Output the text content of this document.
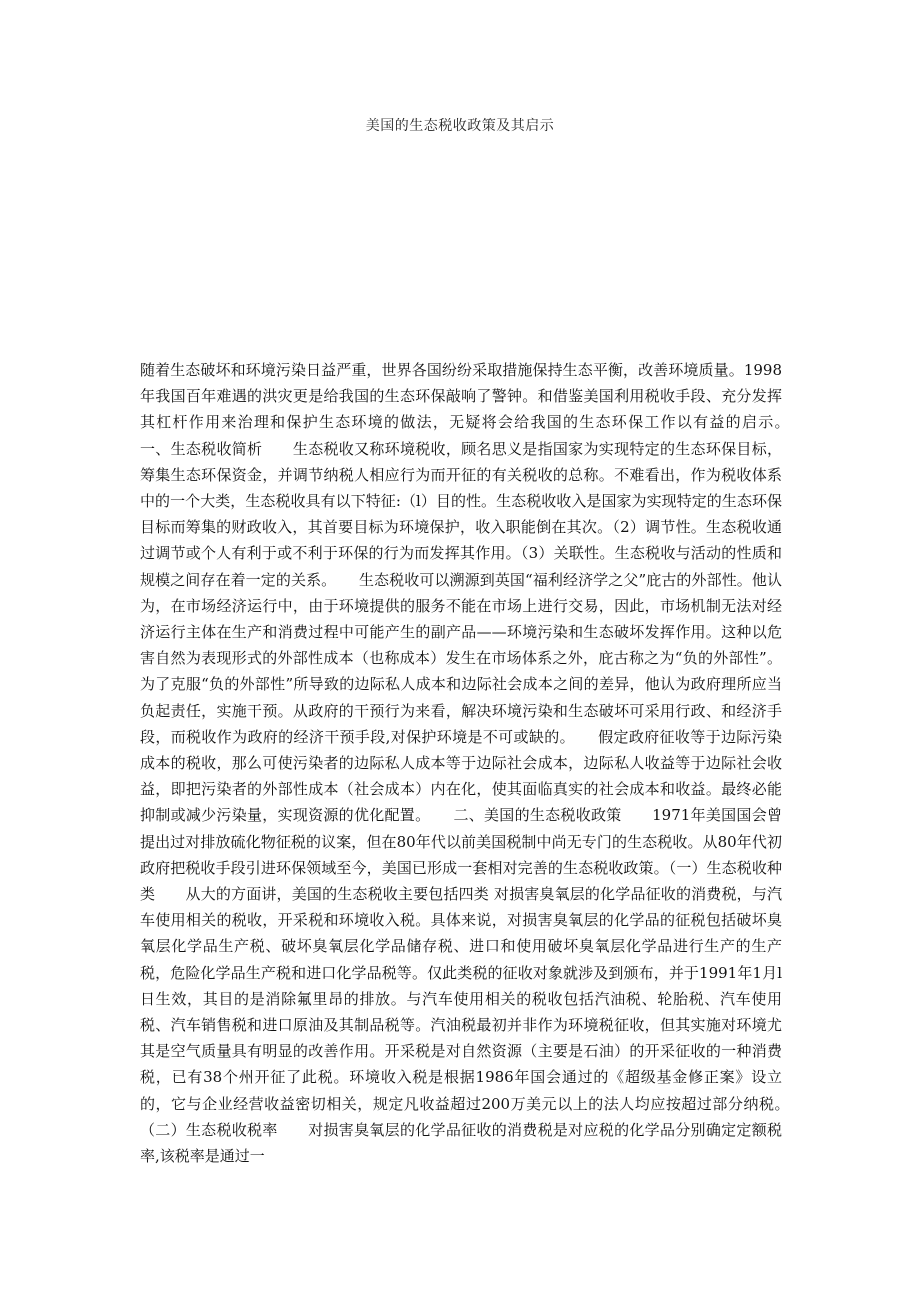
美国的生态税收政策及其启示

随着生态破坏和环境污染日益严重，世界各国纷纷采取措施保持生态平衡，改善环境质量。1998年我国百年难遇的洪灾更是给我国的生态环保敲响了警钟。和借鉴美国利用税收手段、充分发挥其杠杆作用来治理和保护生态环境的做法，无疑将会给我国的生态环保工作以有益的启示。　　一、生态税收简析　　生态税收又称环境税收，顾名思义是指国家为实现特定的生态环保目标，筹集生态环保资金，并调节纳税人相应行为而开征的有关税收的总称。不难看出，作为税收体系中的一个大类，生态税收具有以下特征:（l）目的性。生态税收收入是国家为实现特定的生态环保目标而筹集的财政收入，其首要目标为环境保护，收入职能倒在其次。（2）调节性。生态税收通过调节或个人有利于或不利于环保的行为而发挥其作用。（3）关联性。生态税收与活动的性质和规模之间存在着一定的关系。　　生态税收可以溯源到英国“福利经济学之父”庇古的外部性。他认为，在市场经济运行中，由于环境提供的服务不能在市场上进行交易，因此，市场机制无法对经济运行主体在生产和消费过程中可能产生的副产品——环境污染和生态破坏发挥作用。这种以危害自然为表现形式的外部性成本（也称成本）发生在市场体系之外，庇古称之为“负的外部性”。为了克服“负的外部性”所导致的边际私人成本和边际社会成本之间的差异，他认为政府理所应当负起责任，实施干预。从政府的干预行为来看，解决环境污染和生态破坏可采用行政、和经济手段，而税收作为政府的经济干预手段,对保护环境是不可或缺的。　　假定政府征收等于边际污染成本的税收，那么可使污染者的边际私人成本等于边际社会成本，边际私人收益等于边际社会收益，即把污染者的外部性成本（社会成本）内在化，使其面临真实的社会成本和收益。最终必能抑制或减少污染量，实现资源的优化配置。　　二、美国的生态税收政策　　1971年美国国会曾提出过对排放硫化物征税的议案，但在80年代以前美国税制中尚无专门的生态税收。从80年代初政府把税收手段引进环保领域至今，美国已形成一套相对完善的生态税收政策。（一）生态税收种类　　从大的方面讲，美国的生态税收主要包括四类 对损害臭氧层的化学品征收的消费税，与汽车使用相关的税收，开采税和环境收入税。具体来说，对损害臭氧层的化学品的征税包括破坏臭氧层化学品生产税、破坏臭氧层化学品储存税、进口和使用破坏臭氧层化学品进行生产的生产税，危险化学品生产税和进口化学品税等。仅此类税的征收对象就涉及到颁布，并于1991年1月l日生效，其目的是消除氟里昂的排放。与汽车使用相关的税收包括汽油税、轮胎税、汽车使用税、汽车销售税和进口原油及其制品税等。汽油税最初并非作为环境税征收，但其实施对环境尤其是空气质量具有明显的改善作用。开采税是对自然资源（主要是石油）的开采征收的一种消费税，已有38个州开征了此税。环境收入税是根据1986年国会通过的《超级基金修正案》设立的，它与企业经营收益密切相关，规定凡收益超过200万美元以上的法人均应按超过部分纳税。　　（二）生态税收税率　　对损害臭氧层的化学品征收的消费税是对应税的化学品分别确定定额税率,该税率是通过一
